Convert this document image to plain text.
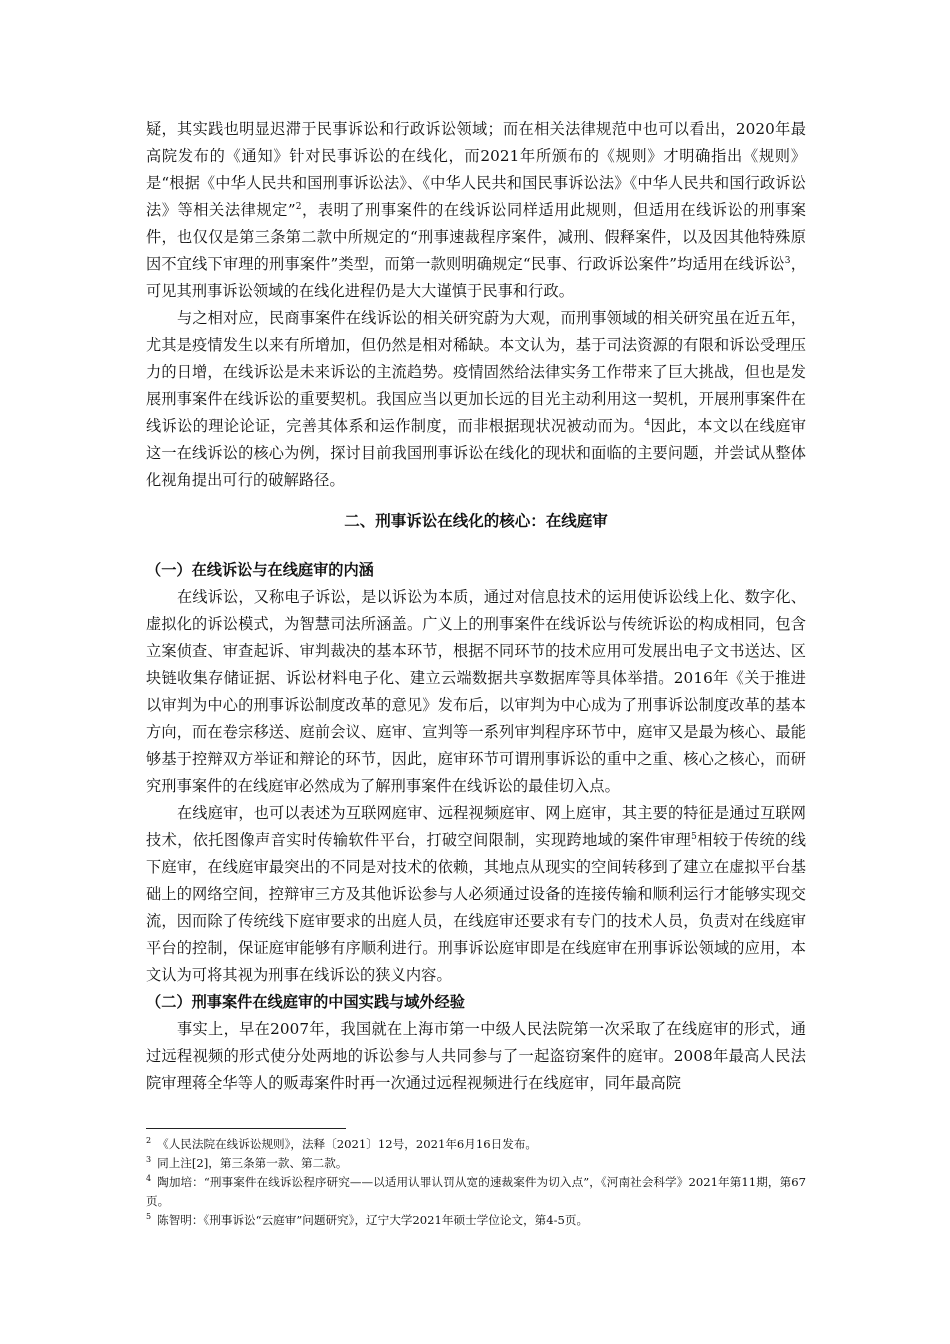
疑，其实践也明显迟滞于民事诉讼和行政诉讼领域；而在相关法律规范中也可以看出，2020年最高院发布的《通知》针对民事诉讼的在线化，而2021年所颁布的《规则》才明确指出《规则》是“根据《中华人民共和国刑事诉讼法》、《中华人民共和国民事诉讼法》《中华人民共和国行政诉讼法》等相关法律规定”$^2$，表明了刑事案件的在线诉讼同样适用此规则，但适用在线诉讼的刑事案件，也仅仅是第三条第二款中所规定的“刑事速裁程序案件，减刑、假释案件，以及因其他特殊原因不宜线下审理的刑事案件”类型，而第一款则明确规定“民事、行政诉讼案件”均适用在线诉讼$^3$，可见其刑事诉讼领域的在线化进程仍是大大谨慎于民事和行政。

与之相对应，民商事案件在线诉讼的相关研究蔚为大观，而刑事领域的相关研究虽在近五年，尤其是疫情发生以来有所增加，但仍然是相对稀缺。本文认为，基于司法资源的有限和诉讼受理压力的日增，在线诉讼是未来诉讼的主流趋势。疫情固然给法律实务工作带来了巨大挑战，但也是发展刑事案件在线诉讼的重要契机。我国应当以更加长远的目光主动利用这一契机，开展刑事案件在线诉讼的理论论证，完善其体系和运作制度，而非根据现状况被动而为。$^4$因此，本文以在线庭审这一在线诉讼的核心为例，探讨目前我国刑事诉讼在线化的现状和面临的主要问题，并尝试从整体化视角提出可行的破解路径。

二、刑事诉讼在线化的核心：在线庭审
（一）在线诉讼与在线庭审的内涵

在线诉讼，又称电子诉讼，是以诉讼为本质，通过对信息技术的运用使诉讼线上化、数字化、虚拟化的诉讼模式，为智慧司法所涵盖。广义上的刑事案件在线诉讼与传统诉讼的构成相同，包含立案侦查、审查起诉、审判裁决的基本环节，根据不同环节的技术应用可发展出电子文书送达、区块链收集存储证据、诉讼材料电子化、建立云端数据共享数据库等具体举措。2016年《关于推进以审判为中心的刑事诉讼制度改革的意见》发布后，以审判为中心成为了刑事诉讼制度改革的基本方向，而在卷宗移送、庭前会议、庭审、宣判等一系列审判程序环节中，庭审又是最为核心、最能够基于控辩双方举证和辩论的环节，因此，庭审环节可谓刑事诉讼的重中之重、核心之核心，而研究刑事案件的在线庭审必然成为了解刑事案件在线诉讼的最佳切入点。

在线庭审，也可以表述为互联网庭审、远程视频庭审、网上庭审，其主要的特征是通过互联网技术，依托图像声音实时传输软件平台，打破空间限制，实现跨地域的案件审理$^5$相较于传统的线下庭审，在线庭审最突出的不同是对技术的依赖，其地点从现实的空间转移到了建立在虚拟平台基础上的网络空间，控辩审三方及其他诉讼参与人必须通过设备的连接传输和顺利运行才能够实现交流，因而除了传统线下庭审要求的出庭人员，在线庭审还要求有专门的技术人员，负责对在线庭审平台的控制，保证庭审能够有序顺利进行。刑事诉讼庭审即是在线庭审在刑事诉讼领域的应用，本文认为可将其视为刑事在线诉讼的狭义内容。

（二）刑事案件在线庭审的中国实践与域外经验

事实上，早在2007年，我国就在上海市第一中级人民法院第一次采取了在线庭审的形式，通过远程视频的形式使分处两地的诉讼参与人共同参与了一起盗窃案件的庭审。2008年最高人民法院审理蒋全华等人的贩毒案件时再一次通过远程视频进行在线庭审，同年最高院

$^2$ 《人民法院在线诉讼规则》，法释〔2021〕12号，2021年6月16日发布。

$^3$ 同上注[2]，第三条第一款、第二款。

$^4$ 陶加培：“刑事案件在线诉讼程序研究——以适用认罪认罚从宽的速裁案件为切入点”，《河南社会科学》2021年第11期，第67页。

$^5$ 陈智明：《刑事诉讼“云庭审”问题研究》，辽宁大学2021年硕士学位论文，第4-5页。
